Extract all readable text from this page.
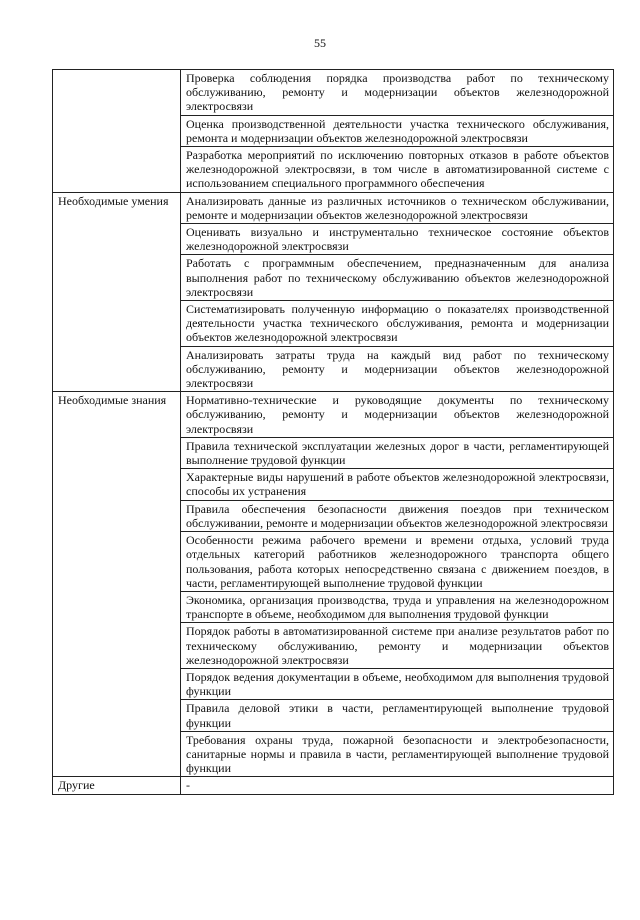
55
	Проверка соблюдения порядка производства работ по техническому обслуживанию, ремонту и модернизации объектов железнодорожной электросвязи
	Оценка производственной деятельности участка технического обслуживания, ремонта и модернизации объектов железнодорожной электросвязи
	Разработка мероприятий по исключению повторных отказов в работе объектов железнодорожной электросвязи, в том числе в автоматизированной системе с использованием специального программного обеспечения
Необходимые умения	Анализировать данные из различных источников о техническом обслуживании, ремонте и модернизации объектов железнодорожной электросвязи
	Оценивать визуально и инструментально техническое состояние объектов железнодорожной электросвязи
	Работать с программным обеспечением, предназначенным для анализа выполнения работ по техническому обслуживанию объектов железнодорожной электросвязи
	Систематизировать полученную информацию о показателях производственной деятельности участка технического обслуживания, ремонта и модернизации объектов железнодорожной электросвязи
	Анализировать затраты труда на каждый вид работ по техническому обслуживанию, ремонту и модернизации объектов железнодорожной электросвязи
Необходимые знания	Нормативно-технические и руководящие документы по техническому обслуживанию, ремонту и модернизации объектов железнодорожной электросвязи
	Правила технической эксплуатации железных дорог в части, регламентирующей выполнение трудовой функции
	Характерные виды нарушений в работе объектов железнодорожной электросвязи, способы их устранения
	Правила обеспечения безопасности движения поездов при техническом обслуживании, ремонте и модернизации объектов железнодорожной электросвязи
	Особенности режима рабочего времени и времени отдыха, условий труда отдельных категорий работников железнодорожного транспорта общего пользования, работа которых непосредственно связана с движением поездов, в части, регламентирующей выполнение трудовой функции
	Экономика, организация производства, труда и управления на железнодорожном транспорте в объеме, необходимом для выполнения трудовой функции
	Порядок работы в автоматизированной системе при анализе результатов работ по техническому обслуживанию, ремонту и модернизации объектов железнодорожной электросвязи
	Порядок ведения документации в объеме, необходимом для выполнения трудовой функции
	Правила деловой этики в части, регламентирующей выполнение трудовой функции
	Требования охраны труда, пожарной безопасности и электробезопасности, санитарные нормы и правила в части, регламентирующей выполнение трудовой функции
Другие	-
